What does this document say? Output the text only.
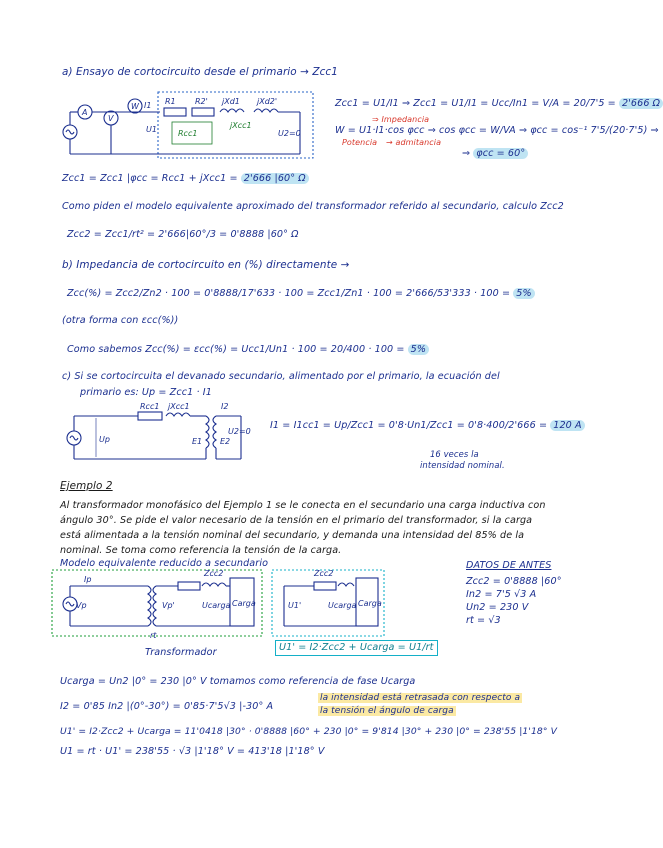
a) Ensayo de cortocircuito desde el primario → Zcc1
A
V
W I1
U1
R1 R2' jXd1 jXd2'
Rcc1
jXcc1
U2=0
Zcc1 = U1/I1 ⇒ Zcc1 = U1/I1 = Ucc/In1 = V/A = 20/7'5 = 2'666 Ω
⇒ Impedancia
W = U1·I1·cos φcc ⇒ cos φcc = W/VA ⇒ φcc = cos⁻¹ 7'5/(20·7'5) ⇒
Potencia → admitancia
⇒ φcc = 60°
Zcc1 = Zcc1 |φcc = Rcc1 + jXcc1 = 2'666 |60° Ω
Como piden el modelo equivalente aproximado del transformador referido al secundario, calculo Zcc2
Zcc2 = Zcc1/rt² = 2'666|60°/3 = 0'8888 |60° Ω
b) Impedancia de cortocircuito en (%) directamente →
Zcc(%) = Zcc2/Zn2 · 100 = 0'8888/17'633 · 100 = Zcc1/Zn1 · 100 = 2'666/53'333 · 100 = 5%
(otra forma con εcc(%))
Como sabemos Zcc(%) = εcc(%) = Ucc1/Un1 · 100 = 20/400 · 100 = 5%
c) Si se cortocircuita el devanado secundario, alimentado por el primario, la ecuación del
primario es: Up = Zcc1 · I1
Rcc1 jXcc1	I2
Up	E1 E2
U2=0
I1 = I1cc1 = Up/Zcc1 = 0'8·Un1/Zcc1 = 0'8·400/2'666 = 120 A
16 veces la
intensidad nominal.
Ejemplo 2
Al transformador monofásico del Ejemplo 1 se le conecta en el secundario una carga inductiva con
ángulo 30°. Se pide el valor necesario de la tensión en el primario del transformador, si la carga
está alimentada a la tensión nominal del secundario, y demanda una intensidad del 85% de la
nominal. Se toma como referencia la tensión de la carga.
Modelo equivalente reducido a secundario
Ip
Vp	Vp'
rt
Zcc2
Carga
Ucarga
Zcc2
U1'	Ucarga Carga
DATOS DE ANTES
Zcc2 = 0'8888 |60°
In2 = 7'5 √3 A
Un2 = 230 V
rt = √3
Transformador	U1' = I2·Zcc2 + Ucarga = U1/rt
Ucarga = Un2 |0° = 230 |0° V tomamos como referencia de fase Ucarga
I2 = 0'85 In2 |(0°-30°) = 0'85·7'5√3 |-30° A
la intensidad está retrasada con respecto a
la tensión el ángulo de carga
U1' = I2·Zcc2 + Ucarga = 11'0418 |30° · 0'8888 |60° + 230 |0° = 9'814 |30° + 230 |0° = 238'55 |1'18° V
U1 = rt · U1' = 238'55 · √3 |1'18° V = 413'18 |1'18° V
